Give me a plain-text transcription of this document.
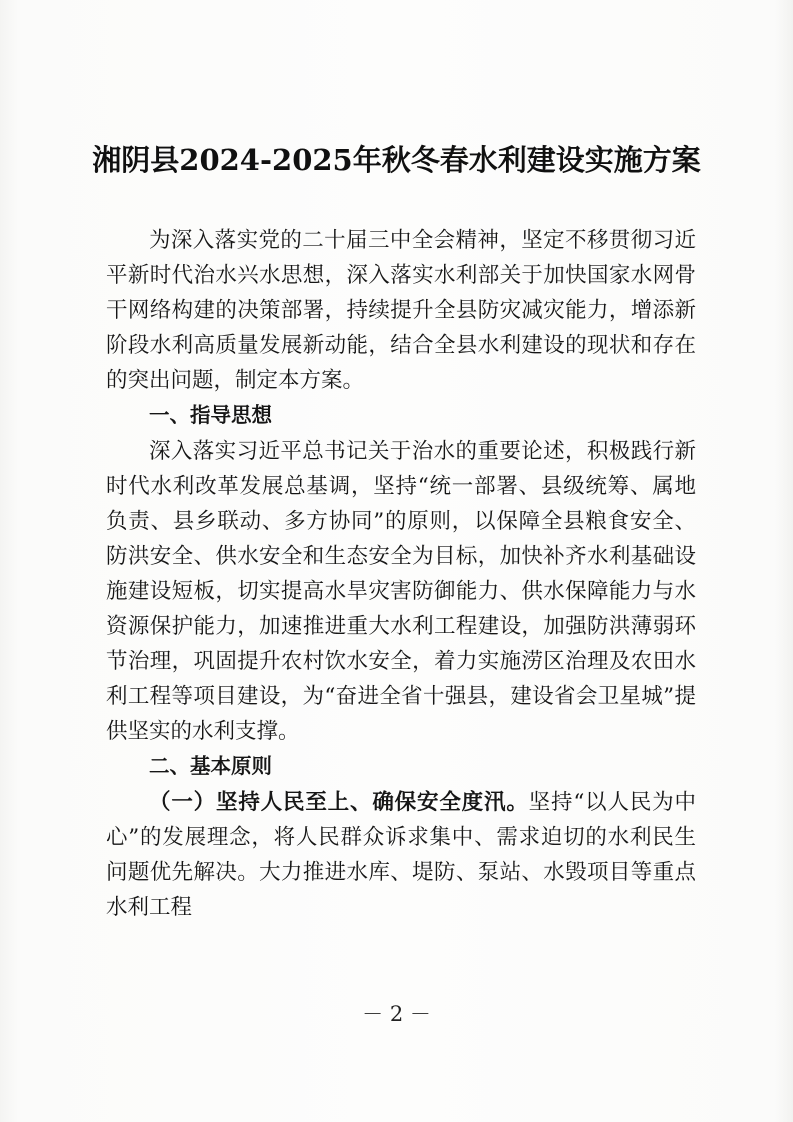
湘阴县2024-2025年秋冬春水利建设实施方案

为深入落实党的二十届三中全会精神，坚定不移贯彻习近平新时代治水兴水思想，深入落实水利部关于加快国家水网骨干网络构建的决策部署，持续提升全县防灾减灾能力，增添新阶段水利高质量发展新动能，结合全县水利建设的现状和存在的突出问题，制定本方案。

一、指导思想

深入落实习近平总书记关于治水的重要论述，积极践行新时代水利改革发展总基调，坚持“统一部署、县级统筹、属地负责、县乡联动、多方协同”的原则，以保障全县粮食安全、防洪安全、供水安全和生态安全为目标，加快补齐水利基础设施建设短板，切实提高水旱灾害防御能力、供水保障能力与水资源保护能力，加速推进重大水利工程建设，加强防洪薄弱环节治理，巩固提升农村饮水安全，着力实施涝区治理及农田水利工程等项目建设，为“奋进全省十强县，建设省会卫星城”提供坚实的水利支撑。

二、基本原则

（一）坚持人民至上、确保安全度汛。坚持“以人民为中心”的发展理念，将人民群众诉求集中、需求迫切的水利民生问题优先解决。大力推进水库、堤防、泵站、水毁项目等重点水利工程

－ 2 －
